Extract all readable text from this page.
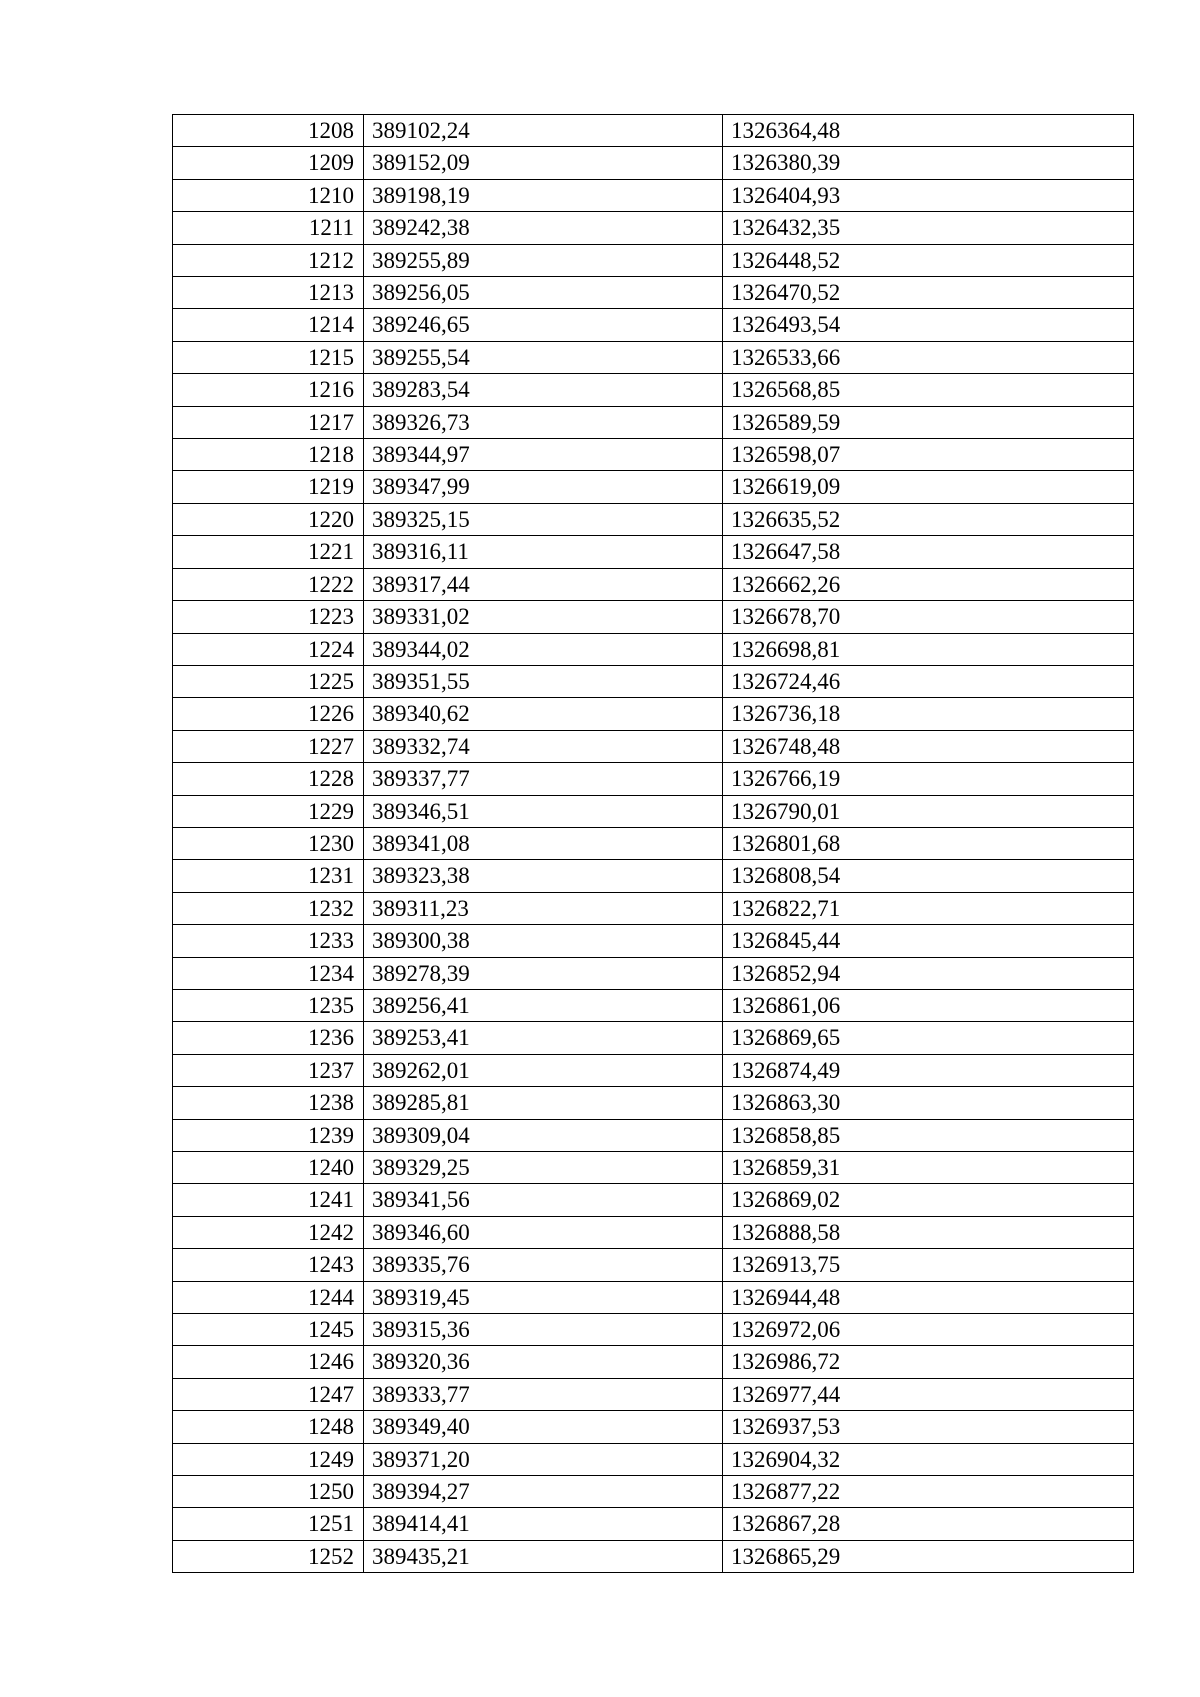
1208	389102,24	1326364,48
1209	389152,09	1326380,39
1210	389198,19	1326404,93
1211	389242,38	1326432,35
1212	389255,89	1326448,52
1213	389256,05	1326470,52
1214	389246,65	1326493,54
1215	389255,54	1326533,66
1216	389283,54	1326568,85
1217	389326,73	1326589,59
1218	389344,97	1326598,07
1219	389347,99	1326619,09
1220	389325,15	1326635,52
1221	389316,11	1326647,58
1222	389317,44	1326662,26
1223	389331,02	1326678,70
1224	389344,02	1326698,81
1225	389351,55	1326724,46
1226	389340,62	1326736,18
1227	389332,74	1326748,48
1228	389337,77	1326766,19
1229	389346,51	1326790,01
1230	389341,08	1326801,68
1231	389323,38	1326808,54
1232	389311,23	1326822,71
1233	389300,38	1326845,44
1234	389278,39	1326852,94
1235	389256,41	1326861,06
1236	389253,41	1326869,65
1237	389262,01	1326874,49
1238	389285,81	1326863,30
1239	389309,04	1326858,85
1240	389329,25	1326859,31
1241	389341,56	1326869,02
1242	389346,60	1326888,58
1243	389335,76	1326913,75
1244	389319,45	1326944,48
1245	389315,36	1326972,06
1246	389320,36	1326986,72
1247	389333,77	1326977,44
1248	389349,40	1326937,53
1249	389371,20	1326904,32
1250	389394,27	1326877,22
1251	389414,41	1326867,28
1252	389435,21	1326865,29
